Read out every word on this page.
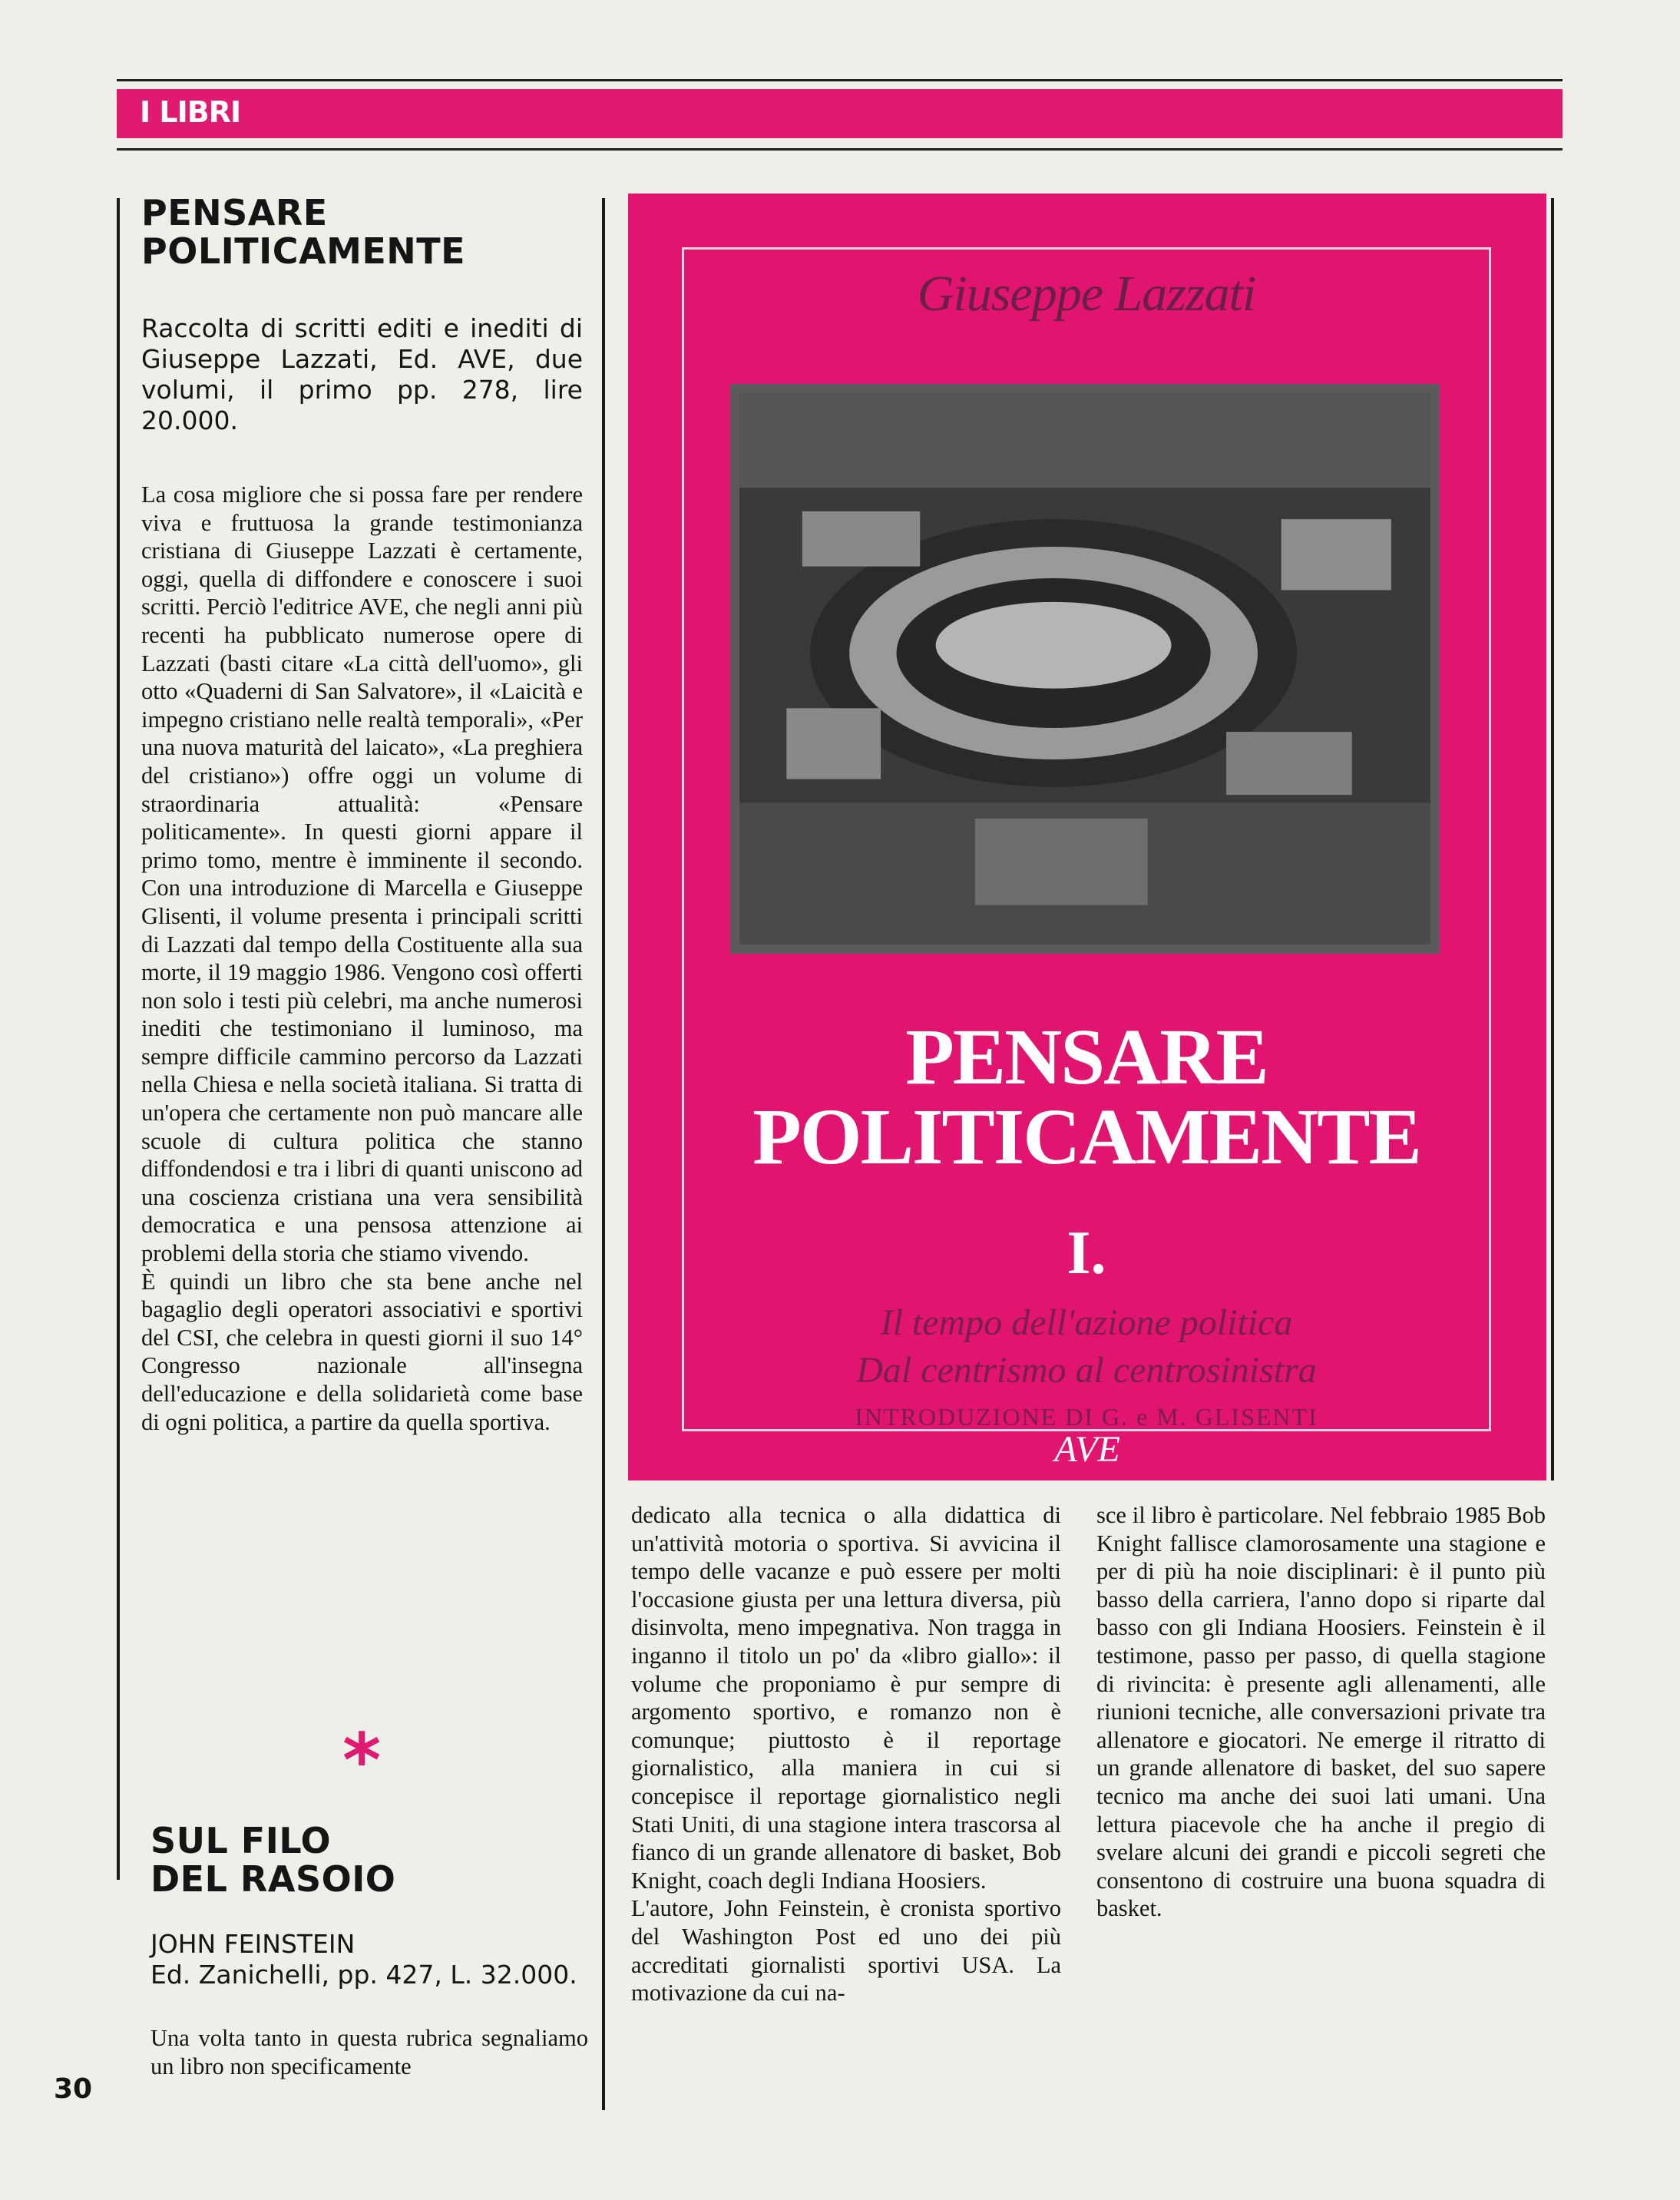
I LIBRI
PENSARE
POLITICAMENTE

Raccolta di scritti editi e inediti di Giuseppe Lazzati, Ed. AVE, due volumi, il primo pp. 278, lire 20.000.

La cosa migliore che si possa fare per rendere viva e fruttuosa la grande testimonianza cristiana di Giuseppe Lazzati è certamente, oggi, quella di diffondere e conoscere i suoi scritti. Perciò l'editrice AVE, che negli anni più recenti ha pubblicato numerose opere di Lazzati (basti citare «La città dell'uomo», gli otto «Quaderni di San Salvatore», il «Laicità e impegno cristiano nelle realtà temporali», «Per una nuova maturità del laicato», «La preghiera del cristiano») offre oggi un volume di straordinaria attualità: «Pensare politicamente». In questi giorni appare il primo tomo, mentre è imminente il secondo. Con una introduzione di Marcella e Giuseppe Glisenti, il volume presenta i principali scritti di Lazzati dal tempo della Costituente alla sua morte, il 19 maggio 1986. Vengono così offerti non solo i testi più celebri, ma anche numerosi inediti che testimoniano il luminoso, ma sempre difficile cammino percorso da Lazzati nella Chiesa e nella società italiana. Si tratta di un'opera che certamente non può mancare alle scuole di cultura politica che stanno diffondendosi e tra i libri di quanti uniscono ad una coscienza cristiana una vera sensibilità democratica e una pensosa attenzione ai problemi della storia che stiamo vivendo.

È quindi un libro che sta bene anche nel bagaglio degli operatori associativi e sportivi del CSI, che celebra in questi giorni il suo 14° Congresso nazionale all'insegna dell'educazione e della solidarietà come base di ogni politica, a partire da quella sportiva.

*
SUL FILO
DEL RASOIO

JOHN FEINSTEIN

Ed. Zanichelli, pp. 427, L. 32.000.

Una volta tanto in questa rubrica segnaliamo un libro non specificamente

30
Giuseppe Lazzati
PENSARE
POLITICAMENTE
I.
Il tempo dell'azione politica
Dal centrismo al centrosinistra
INTRODUZIONE DI G. e M. GLISENTI
AVE

dedicato alla tecnica o alla didattica di un'attività motoria o sportiva. Si avvicina il tempo delle vacanze e può essere per molti l'occasione giusta per una lettura diversa, più disinvolta, meno impegnativa. Non tragga in inganno il titolo un po' da «libro giallo»: il volume che proponiamo è pur sempre di argomento sportivo, e romanzo non è comunque; piuttosto è il reportage giornalistico, alla maniera in cui si concepisce il reportage giornalistico negli Stati Uniti, di una stagione intera trascorsa al fianco di un grande allenatore di basket, Bob Knight, coach degli Indiana Hoosiers.

L'autore, John Feinstein, è cronista sportivo del Washington Post ed uno dei più accreditati giornalisti sportivi USA. La motivazione da cui na-

sce il libro è particolare. Nel febbraio 1985 Bob Knight fallisce clamorosamente una stagione e per di più ha noie disciplinari: è il punto più basso della carriera, l'anno dopo si riparte dal basso con gli Indiana Hoosiers. Feinstein è il testimone, passo per passo, di quella stagione di rivincita: è presente agli allenamenti, alle riunioni tecniche, alle conversazioni private tra allenatore e giocatori. Ne emerge il ritratto di un grande allenatore di basket, del suo sapere tecnico ma anche dei suoi lati umani. Una lettura piacevole che ha anche il pregio di svelare alcuni dei grandi e piccoli segreti che consentono di costruire una buona squadra di basket.
